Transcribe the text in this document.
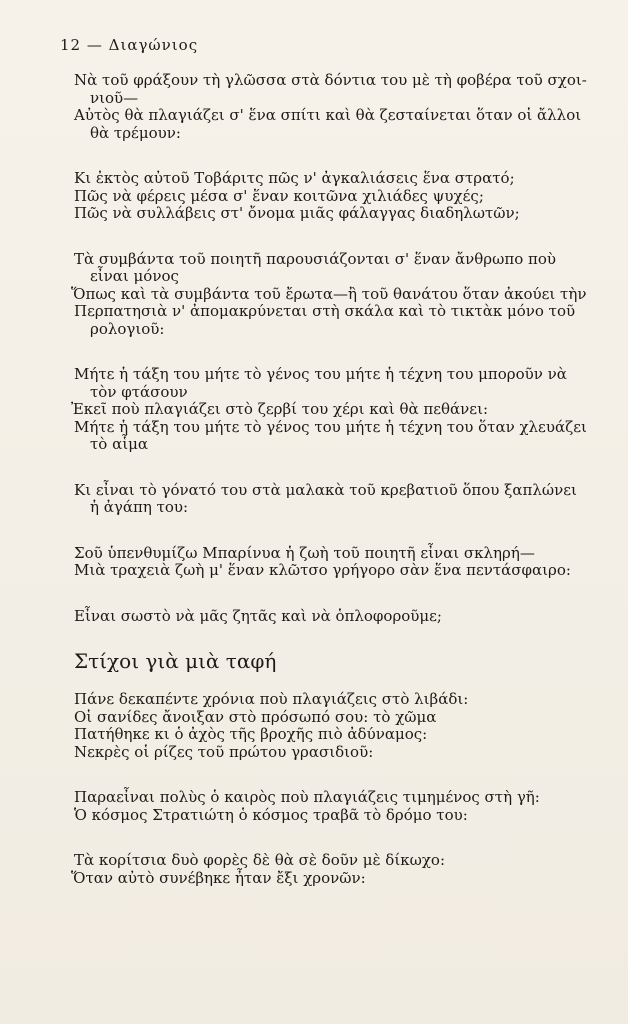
12 — Διαγώνιος
Νὰ τοῦ φράξουν τὴ γλῶσσα στὰ δόντια του μὲ τὴ φοβέρα τοῦ σχοι-
νιοῦ—
Αὐτὸς θὰ πλαγιάζει σ' ἕνα σπίτι καὶ θὰ ζεσταίνεται ὅταν οἱ ἄλλοι
θὰ τρέμουν:
Κι ἐκτὸς αὐτοῦ Τοβάριτς πῶς ν' ἀγκαλιάσεις ἕνα στρατό;
Πῶς νὰ φέρεις μέσα σ' ἕναν κοιτῶνα χιλιάδες ψυχές;
Πῶς νὰ συλλάβεις στ' ὄνομα μιᾶς φάλαγγας διαδηλωτῶν;
Τὰ συμβάντα τοῦ ποιητῆ παρουσιάζονται σ' ἕναν ἄνθρωπο ποὺ
εἶναι μόνος
Ὅπως καὶ τὰ συμβάντα τοῦ ἔρωτα—ἢ τοῦ θανάτου ὅταν ἀκούει τὴν
Περπατησιὰ ν' ἀπομακρύνεται στὴ σκάλα καὶ τὸ τικτὰκ μόνο τοῦ
ρολογιοῦ:
Μήτε ἡ τάξη του μήτε τὸ γένος του μήτε ἡ τέχνη του μποροῦν νὰ
τὸν φτάσουν
Ἐκεῖ ποὺ πλαγιάζει στὸ ζερβί του χέρι καὶ θὰ πεθάνει:
Μήτε ἡ τάξη του μήτε τὸ γένος του μήτε ἡ τέχνη του ὅταν χλευάζει
τὸ αἷμα
Κι εἶναι τὸ γόνατό του στὰ μαλακὰ τοῦ κρεβατιοῦ ὅπου ξαπλώνει
ἡ ἀγάπη του:
Σοῦ ὑπενθυμίζω Μπαρίνυα ἡ ζωὴ τοῦ ποιητῆ εἶναι σκληρή—
Μιὰ τραχειὰ ζωὴ μ' ἕναν κλῶτσο γρήγορο σὰν ἕνα πεντάσφαιρο:
Εἶναι σωστὸ νὰ μᾶς ζητᾶς καὶ νὰ ὁπλοφοροῦμε;
Στίχοι γιὰ μιὰ ταφή
Πάνε δεκαπέντε χρόνια ποὺ πλαγιάζεις στὸ λιβάδι:
Οἱ σανίδες ἄνοιξαν στὸ πρόσωπό σου: τὸ χῶμα
Πατήθηκε κι ὁ ἀχὸς τῆς βροχῆς πιὸ ἀδύναμος:
Νεκρὲς οἱ ρίζες τοῦ πρώτου γρασιδιοῦ:
Παραεἶναι πολὺς ὁ καιρὸς ποὺ πλαγιάζεις τιμημένος στὴ γῆ:
Ὁ κόσμος Στρατιώτη ὁ κόσμος τραβᾶ τὸ δρόμο του:
Τὰ κορίτσια δυὸ φορὲς δὲ θὰ σὲ δοῦν μὲ δίκωχο:
Ὅταν αὐτὸ συνέβηκε ἦταν ἔξι χρονῶν:
